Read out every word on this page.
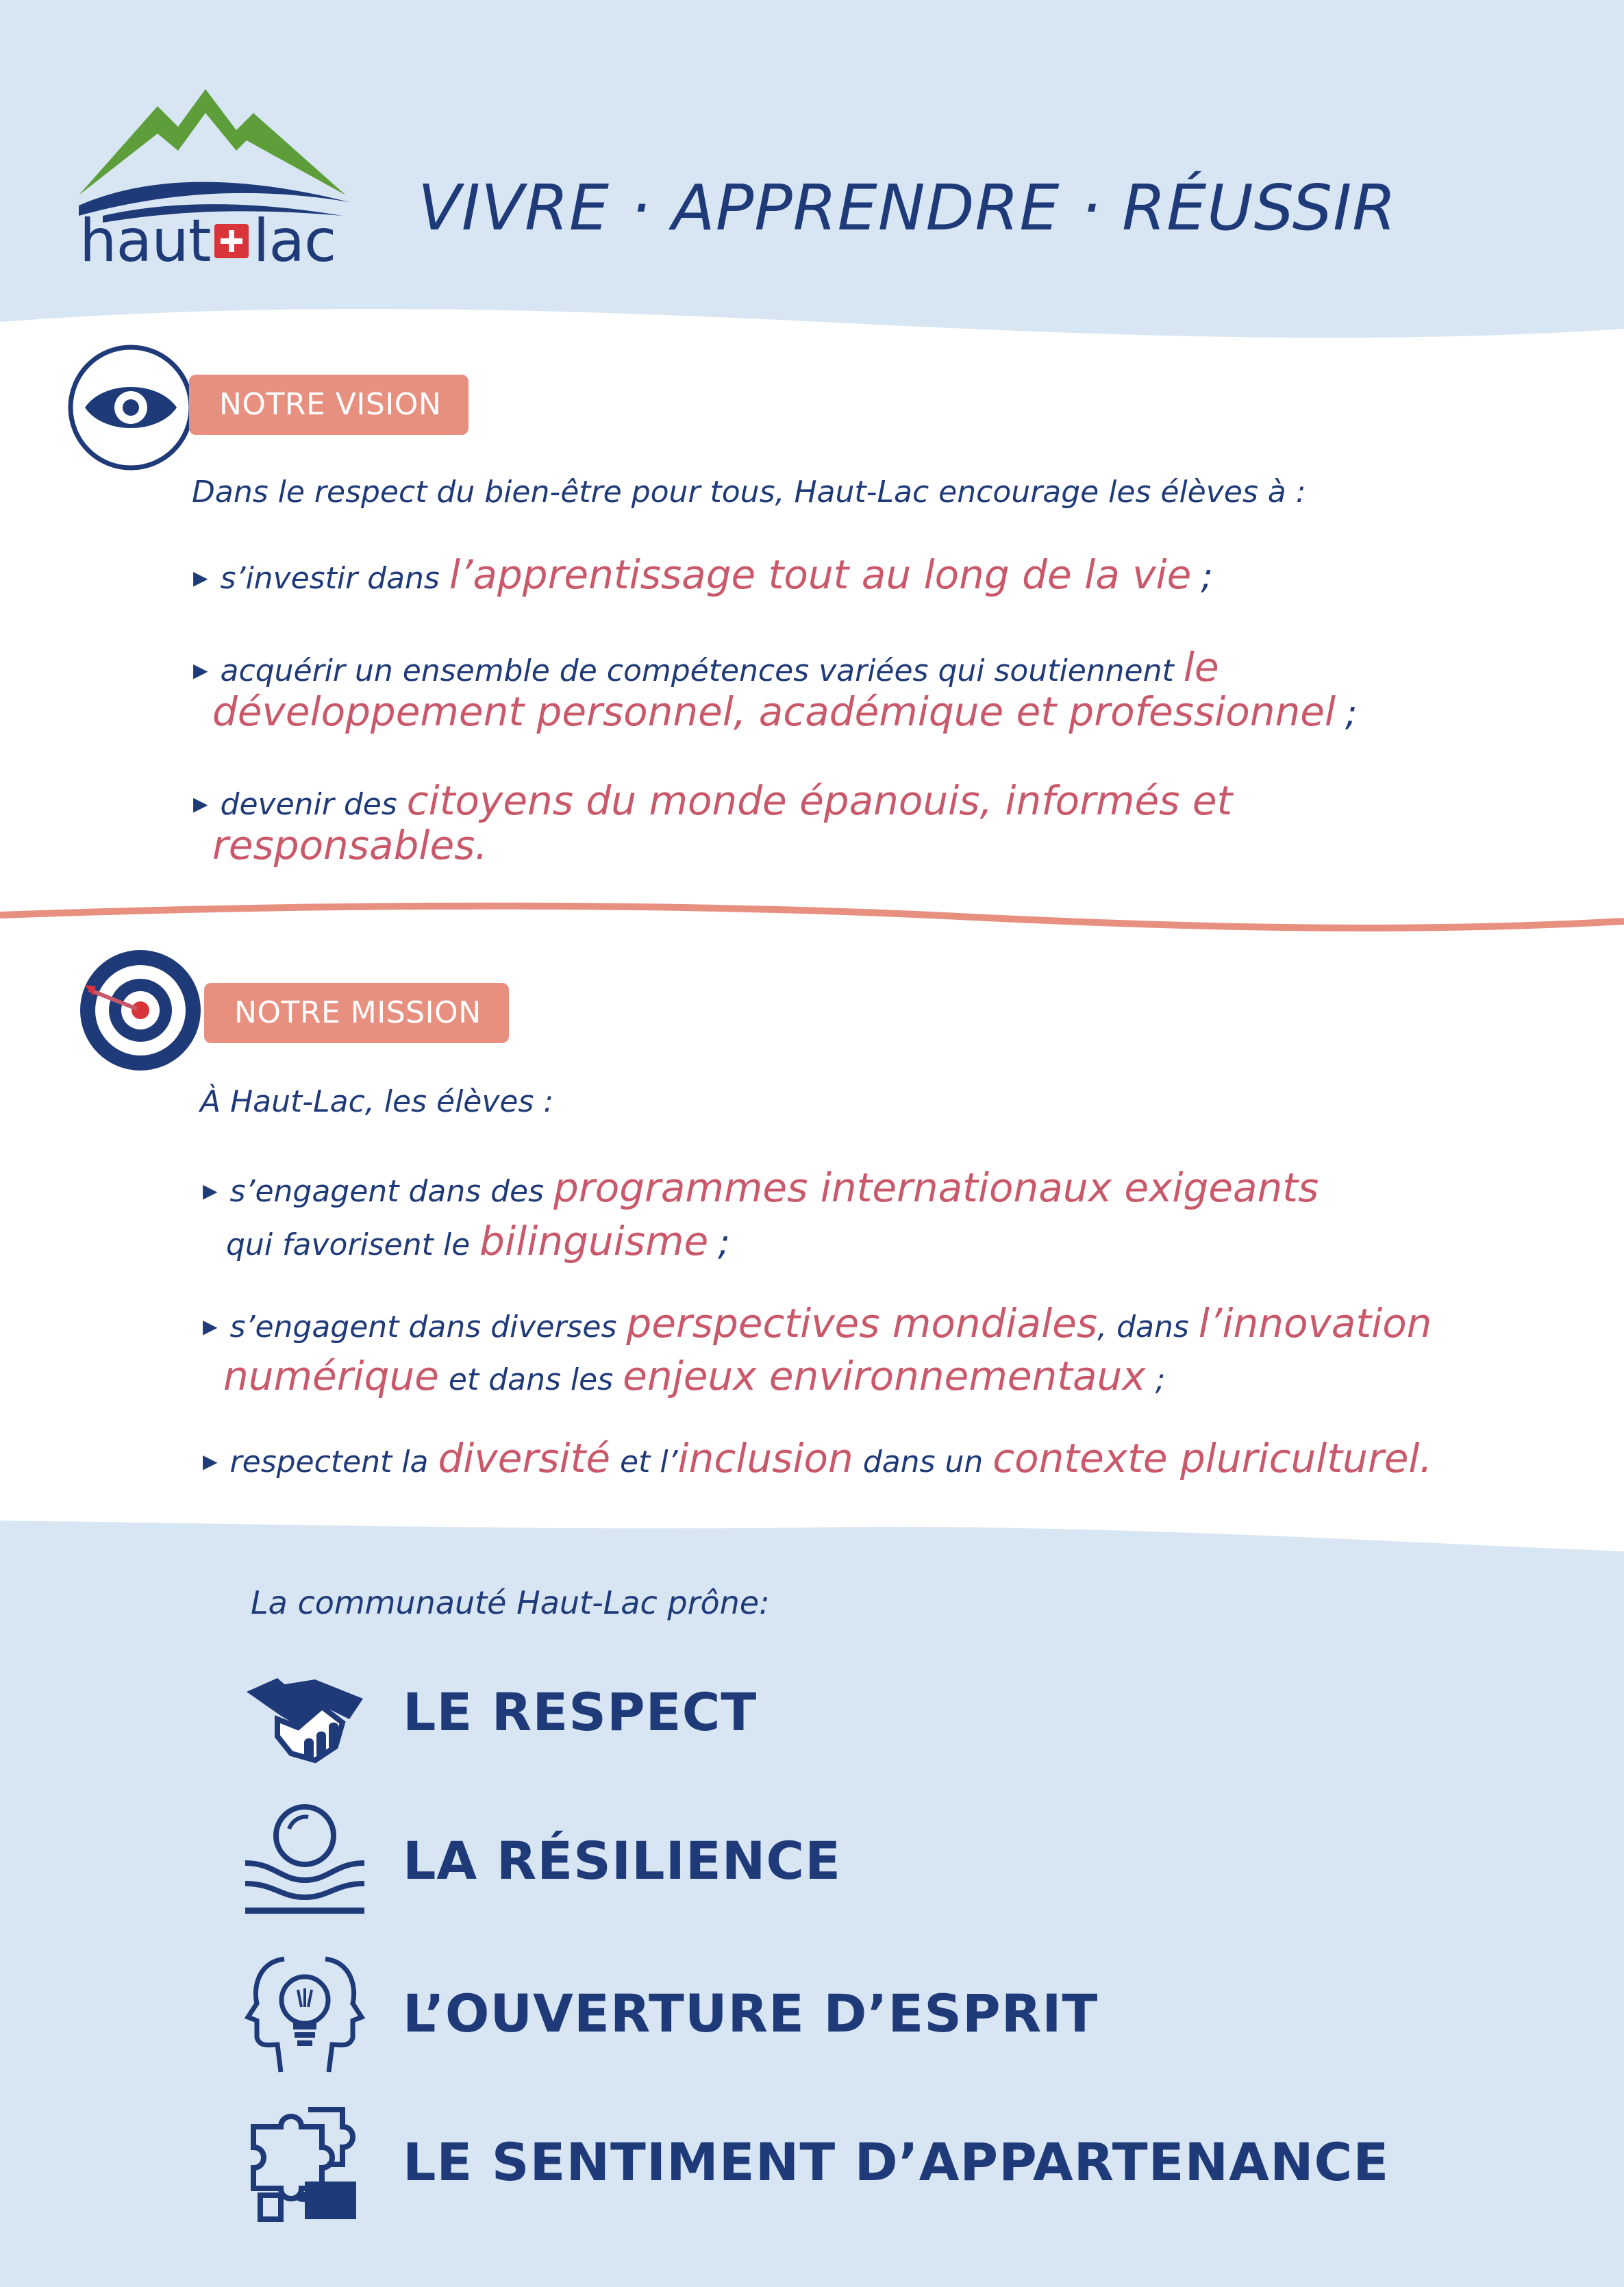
haut lac VIVRE · APPRENDRE · RÉUSSIR
NOTRE VISION
Dans le respect du bien-être pour tous, Haut-Lac encourage les élèves à :
▶ s’investir dans l’apprentissage tout au long de la vie ;
▶ acquérir un ensemble de compétences variées qui soutiennent le
développement personnel, académique et professionnel ;
▶ devenir des citoyens du monde épanouis, informés et
responsables.
NOTRE MISSION
À Haut-Lac, les élèves :
▶ s’engagent dans des programmes internationaux exigeants
qui favorisent le bilinguisme ;
▶ s’engagent dans diverses perspectives mondiales, dans l’innovation
numérique et dans les enjeux environnementaux ;
▶ respectent la diversité et l’inclusion dans un contexte pluriculturel.
La communauté Haut-Lac prône:
LE RESPECT
LA RÉSILIENCE
L’OUVERTURE D’ESPRIT
LE SENTIMENT D’APPARTENANCE
